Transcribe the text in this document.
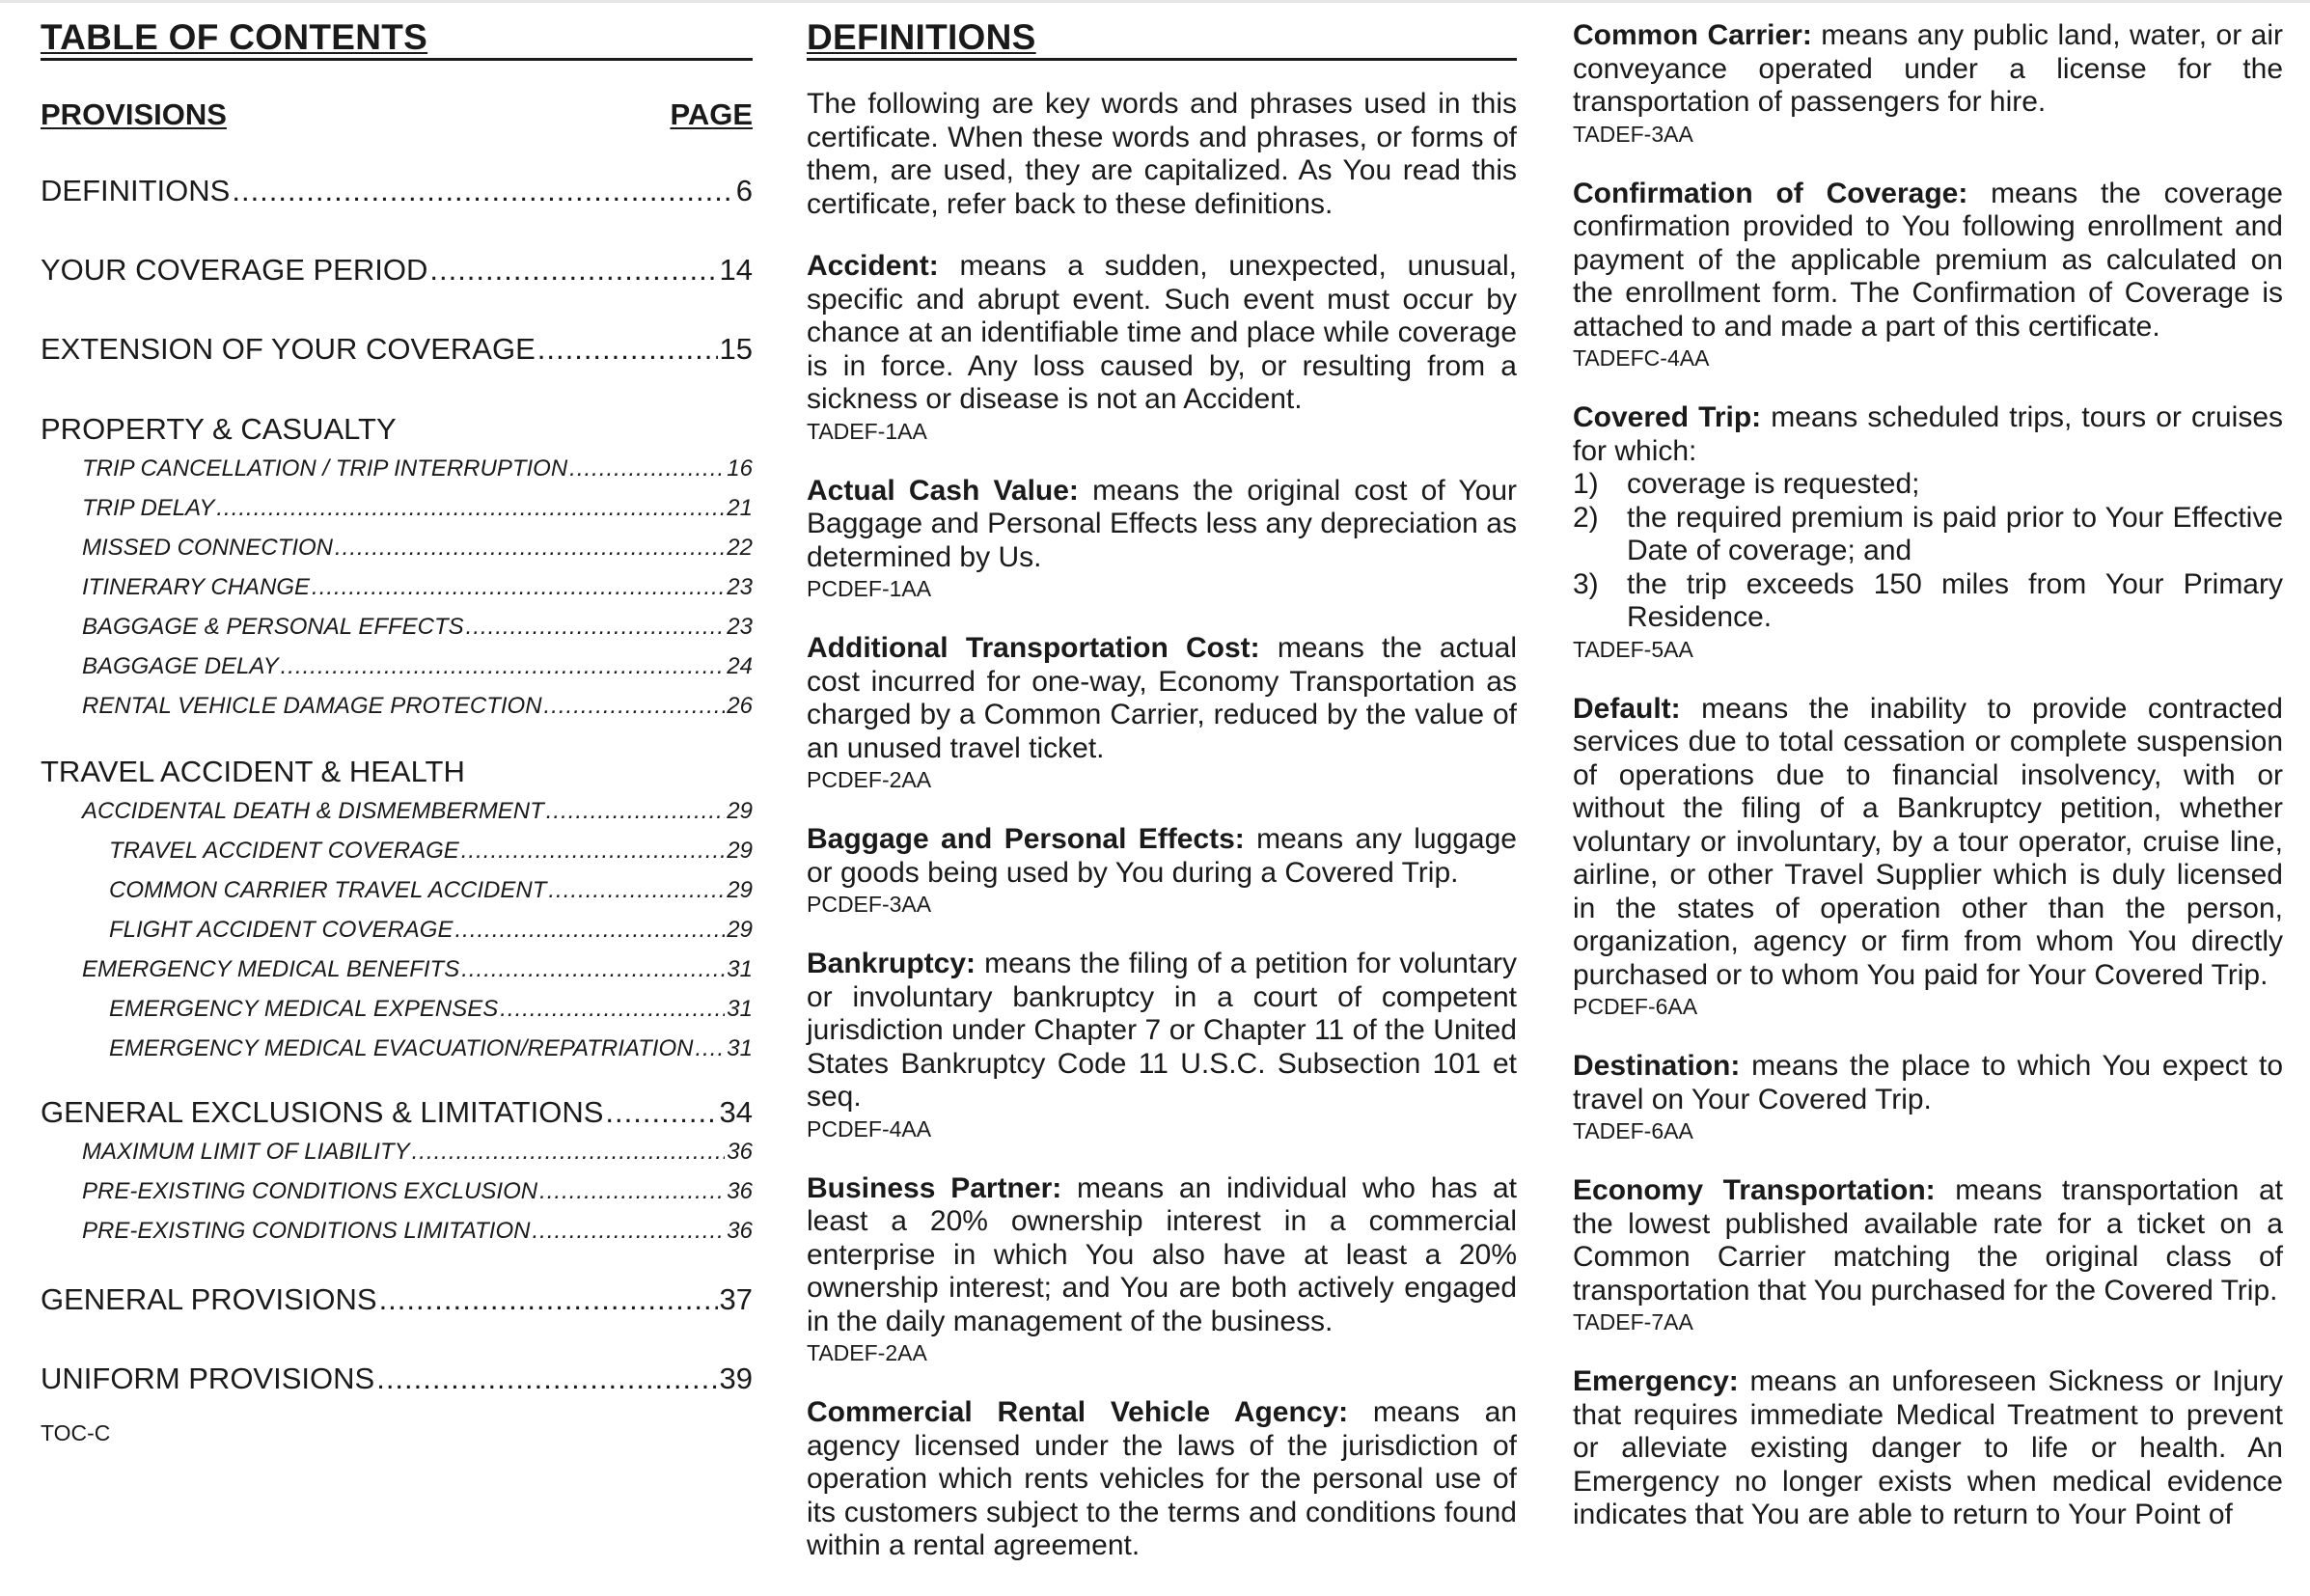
TABLE OF CONTENTS
PROVISIONS	PAGE
DEFINITIONS .....	6
YOUR COVERAGE PERIOD .....	14
EXTENSION OF YOUR COVERAGE .....	15
PROPERTY & CASUALTY
TRIP CANCELLATION / TRIP INTERRUPTION .....	16
TRIP DELAY .....	21
MISSED CONNECTION .....	22
ITINERARY CHANGE .....	23
BAGGAGE & PERSONAL EFFECTS .....	23
BAGGAGE DELAY .....	24
RENTAL VEHICLE DAMAGE PROTECTION .....	26
TRAVEL ACCIDENT & HEALTH
ACCIDENTAL DEATH & DISMEMBERMENT .....	29
TRAVEL ACCIDENT COVERAGE .....	29
COMMON CARRIER TRAVEL ACCIDENT .....	29
FLIGHT ACCIDENT COVERAGE .....	29
EMERGENCY MEDICAL BENEFITS .....	31
EMERGENCY MEDICAL EXPENSES .....	31
EMERGENCY MEDICAL EVACUATION/REPATRIATION ..... 31
GENERAL EXCLUSIONS & LIMITATIONS .....	34
MAXIMUM LIMIT OF LIABILITY .....	36
PRE-EXISTING CONDITIONS EXCLUSION .....	36
PRE-EXISTING CONDITIONS LIMITATION .....	36
GENERAL PROVISIONS .....	37
UNIFORM PROVISIONS .....	39
TOC-C
DEFINITIONS

The following are key words and phrases used in this certificate. When these words and phrases, or forms of them, are used, they are capitalized. As You read this certificate, refer back to these definitions.

Accident: means a sudden, unexpected, unusual, specific and abrupt event. Such event must occur by chance at an identifiable time and place while coverage is in force. Any loss caused by, or resulting from a sickness or disease is not an Accident.

TADEF-1AA

Actual Cash Value: means the original cost of Your Baggage and Personal Effects less any depreciation as determined by Us.

PCDEF-1AA

Additional Transportation Cost: means the actual cost incurred for one-way, Economy Transportation as charged by a Common Carrier, reduced by the value of an unused travel ticket.

PCDEF-2AA

Baggage and Personal Effects: means any luggage or goods being used by You during a Covered Trip.

PCDEF-3AA

Bankruptcy: means the filing of a petition for voluntary or involuntary bankruptcy in a court of competent jurisdiction under Chapter 7 or Chapter 11 of the United States Bankruptcy Code 11 U.S.C. Subsection 101 et seq.

PCDEF-4AA

Business Partner: means an individual who has at least a 20% ownership interest in a commercial enterprise in which You also have at least a 20% ownership interest; and You are both actively engaged in the daily management of the business.

TADEF-2AA

Commercial Rental Vehicle Agency: means an agency licensed under the laws of the jurisdiction of operation which rents vehicles for the personal use of its customers subject to the terms and conditions found within a rental agreement.

Common Carrier: means any public land, water, or air conveyance operated under a license for the transportation of passengers for hire.

TADEF-3AA

Confirmation of Coverage: means the coverage confirmation provided to You following enrollment and payment of the applicable premium as calculated on the enrollment form. The Confirmation of Coverage is attached to and made a part of this certificate.

TADEFC-4AA

Covered Trip: means scheduled trips, tours or cruises for which:

1) coverage is requested;
2) the required premium is paid prior to Your Effective Date of coverage; and
3) the trip exceeds 150 miles from Your Primary Residence.
TADEF-5AA

Default: means the inability to provide contracted services due to total cessation or complete suspension of operations due to financial insolvency, with or without the filing of a Bankruptcy petition, whether voluntary or involuntary, by a tour operator, cruise line, airline, or other Travel Supplier which is duly licensed in the states of operation other than the person, organization, agency or firm from whom You directly purchased or to whom You paid for Your Covered Trip.

PCDEF-6AA

Destination: means the place to which You expect to travel on Your Covered Trip.

TADEF-6AA

Economy Transportation: means transportation at the lowest published available rate for a ticket on a Common Carrier matching the original class of transportation that You purchased for the Covered Trip.

TADEF-7AA

Emergency: means an unforeseen Sickness or Injury that requires immediate Medical Treatment to prevent or alleviate existing danger to life or health. An Emergency no longer exists when medical evidence indicates that You are able to return to Your Point of
